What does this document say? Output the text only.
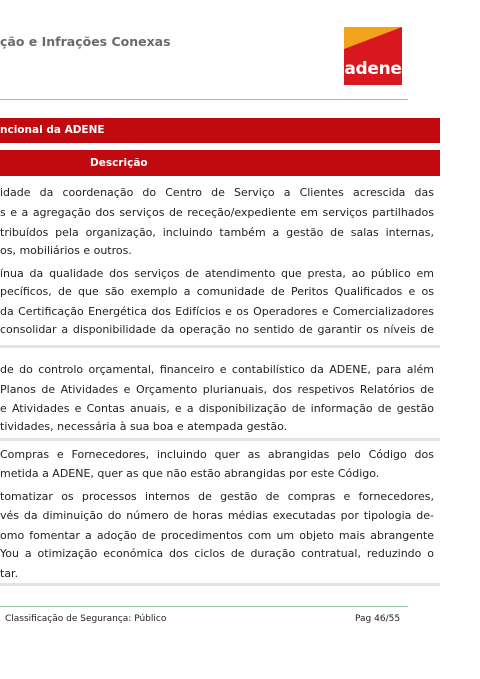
ção e Infrações Conexas
adene
ncional da ADENE
Descrição
idade da coordenação do Centro de Serviço a Clientes acrescida das
s e a agregação dos serviços de receção/expediente em serviços partilhados
tribuídos pela organização, incluindo também a gestão de salas internas,
os, mobiliários e outros.
ínua da qualidade dos serviços de atendimento que presta, ao público em
pecíficos, de que são exemplo a comunidade de Peritos Qualificados e os
da Certificação Energética dos Edifícios e os Operadores e Comercializadores
consolidar a disponibilidade da operação no sentido de garantir os níveis de
de do controlo orçamental, financeiro e contabilístico da ADENE, para além
Planos de Atividades e Orçamento plurianuais, dos respetivos Relatórios de
e Atividades e Contas anuais, e a disponibilização de informação de gestão
tividades, necessária à sua boa e atempada gestão.
Compras e Fornecedores, incluindo quer as abrangidas pelo Código dos
metida a ADENE, quer as que não estão abrangidas por este Código.
tomatizar os processos internos de gestão de compras e fornecedores,
vés da diminuição do número de horas médias executadas por tipologia de-
omo fomentar a adoção de procedimentos com um objeto mais abrangente
You a otimização económica dos ciclos de duração contratual, reduzindo o
tar.
Classificação de Segurança: Público	Pag 46/55
